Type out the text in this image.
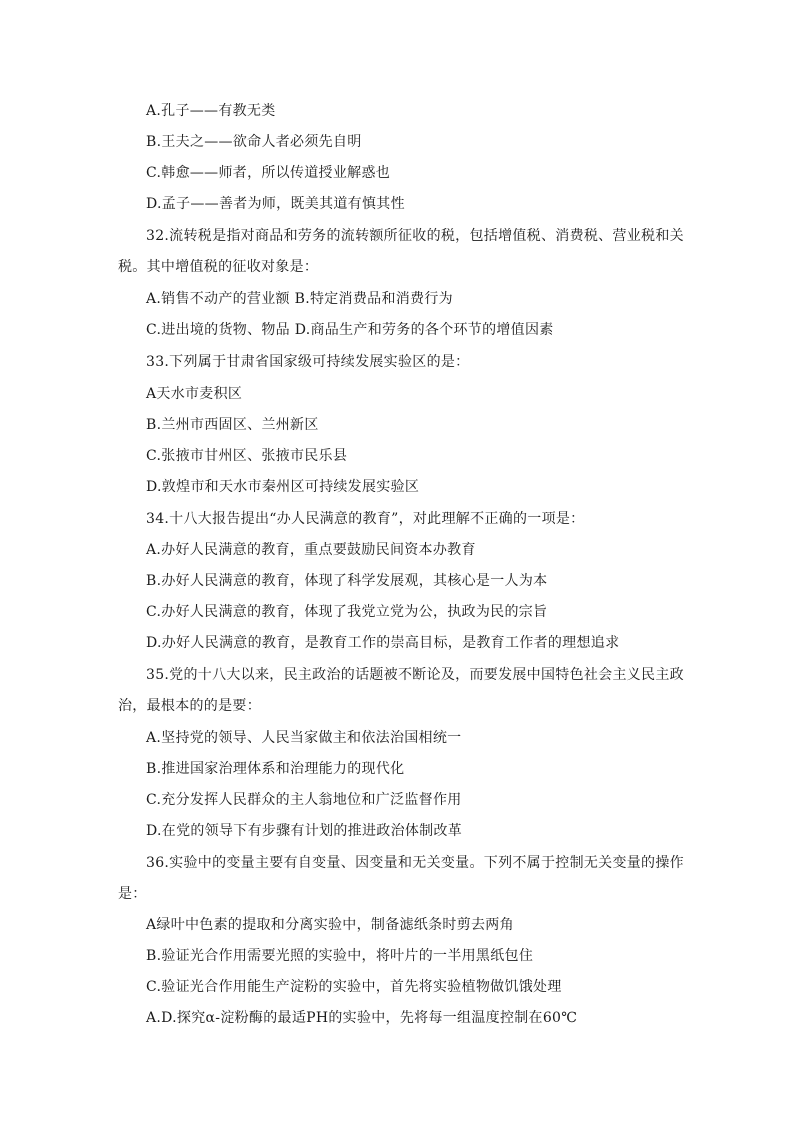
A.孔子——有教无类
B.王夫之——欲命人者必须先自明
C.韩愈——师者，所以传道授业解惑也
D.孟子——善者为师，既美其道有慎其性
32.流转税是指对商品和劳务的流转额所征收的税，包括增值税、消费税、营业税和关
税。其中增值税的征收对象是：
A.销售不动产的营业额 B.特定消费品和消费行为
C.进出境的货物、物品 D.商品生产和劳务的各个环节的增值因素
33.下列属于甘肃省国家级可持续发展实验区的是：
A天水市麦积区
B.兰州市西固区、兰州新区
C.张掖市甘州区、张掖市民乐县
D.敦煌市和天水市秦州区可持续发展实验区
34.十八大报告提出“办人民满意的教育”，对此理解不正确的一项是：
A.办好人民满意的教育，重点要鼓励民间资本办教育
B.办好人民满意的教育，体现了科学发展观，其核心是一人为本
C.办好人民满意的教育，体现了我党立党为公，执政为民的宗旨
D.办好人民满意的教育，是教育工作的崇高目标，是教育工作者的理想追求
35.党的十八大以来，民主政治的话题被不断论及，而要发展中国特色社会主义民主政
治，最根本的的是要：
A.坚持党的领导、人民当家做主和依法治国相统一
B.推进国家治理体系和治理能力的现代化
C.充分发挥人民群众的主人翁地位和广泛监督作用
D.在党的领导下有步骤有计划的推进政治体制改革
36.实验中的变量主要有自变量、因变量和无关变量。下列不属于控制无关变量的操作
是：
A绿叶中色素的提取和分离实验中，制备滤纸条时剪去两角
B.验证光合作用需要光照的实验中，将叶片的一半用黑纸包住
C.验证光合作用能生产淀粉的实验中，首先将实验植物做饥饿处理
A.D.探究α-淀粉酶的最适PH的实验中，先将每一组温度控制在60℃
